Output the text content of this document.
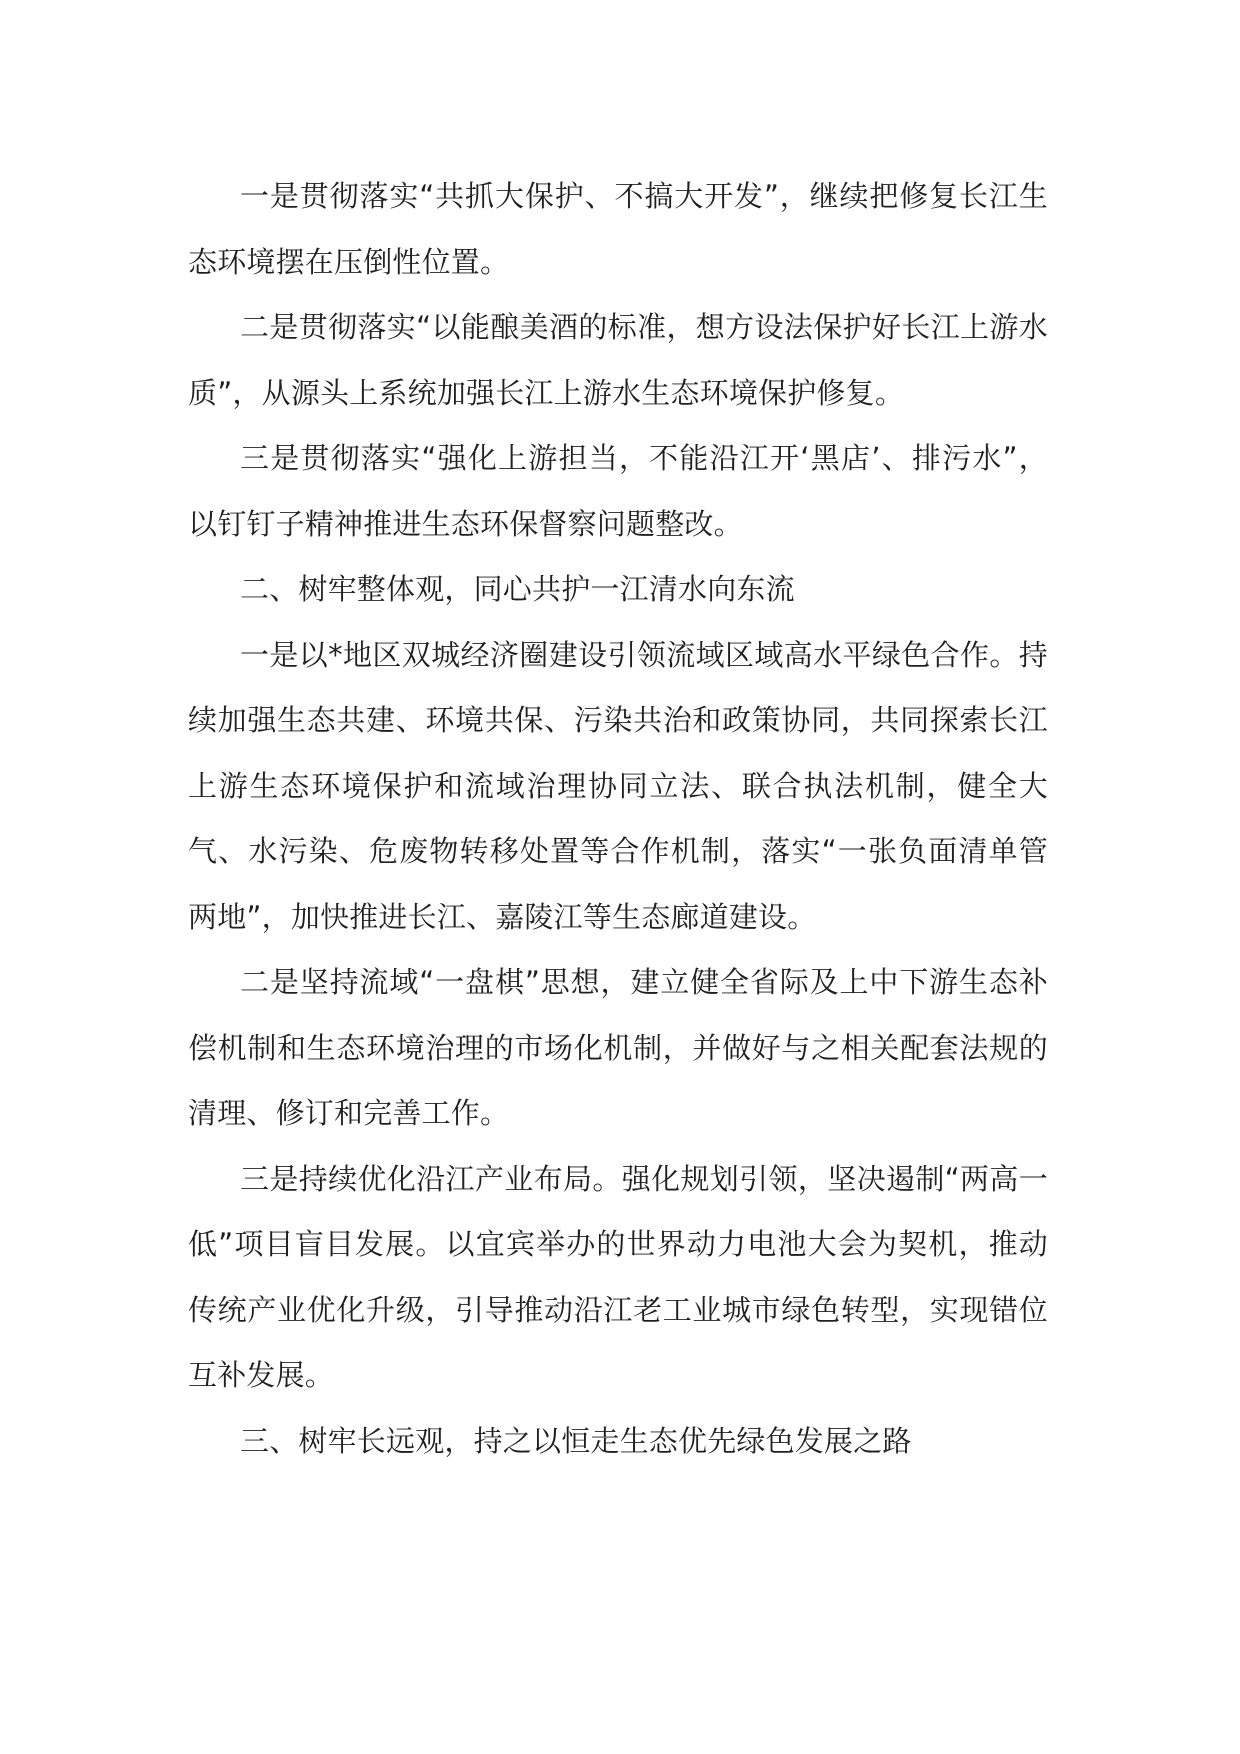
一是贯彻落实“共抓大保护、不搞大开发”，继续把修复长江生态环境摆在压倒性位置。

二是贯彻落实“以能酿美酒的标准，想方设法保护好长江上游水质”，从源头上系统加强长江上游水生态环境保护修复。

三是贯彻落实“强化上游担当，不能沿江开‘黑店’、排污水”，以钉钉子精神推进生态环保督察问题整改。

二、树牢整体观，同心共护一江清水向东流

一是以*地区双城经济圈建设引领流域区域高水平绿色合作。持续加强生态共建、环境共保、污染共治和政策协同，共同探索长江上游生态环境保护和流域治理协同立法、联合执法机制，健全大气、水污染、危废物转移处置等合作机制，落实“一张负面清单管两地”，加快推进长江、嘉陵江等生态廊道建设。

二是坚持流域“一盘棋”思想，建立健全省际及上中下游生态补偿机制和生态环境治理的市场化机制，并做好与之相关配套法规的清理、修订和完善工作。

三是持续优化沿江产业布局。强化规划引领，坚决遏制“两高一低”项目盲目发展。以宜宾举办的世界动力电池大会为契机，推动传统产业优化升级，引导推动沿江老工业城市绿色转型，实现错位互补发展。

三、树牢长远观，持之以恒走生态优先绿色发展之路
